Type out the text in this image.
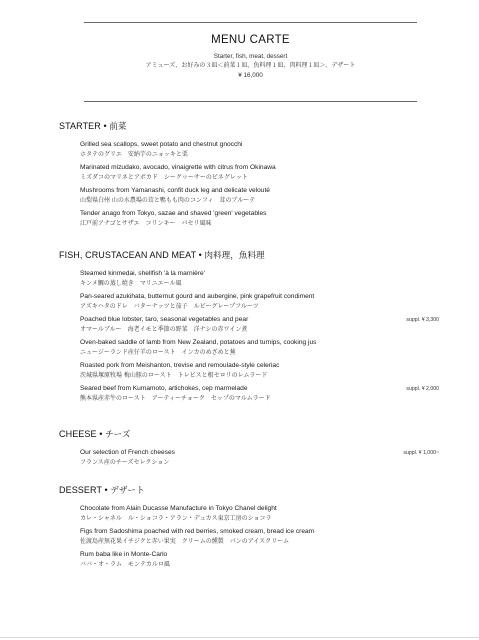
MENU CARTE
Starter, fish, meat, dessert
アミューズ、お好みの３皿＜前菜１皿、魚料理１皿、肉料理１皿＞、デザート
¥ 16,000
STARTER • 前菜
Grilled sea scallops, sweet potato and chestnut gnocchi
ホタテのグリエ　安納芋のニョッキと栗
Marinated mizudako, avocado, vinaigrette with citrus from Okinawa
ミズダコのマリネとアボカド　シークヮーサーのビネグレット
Mushrooms from Yamanashi, confit duck leg and delicate velouté
山梨県白州 山の水農場の茸と鴨もも肉のコンフィ　茸のブルーテ
Tender anago from Tokyo, sazae and shaved 'green' vegetables
江戸前アナゴとサザエ　コリンキー　パセリ風味
FISH, CRUSTACEAN AND MEAT • 肉料理，魚料理
Steamed kinmedai, shellfish 'à la marnière'
キンメ鯛の蒸し焼き　マリニエール風
Pan-seared azukihata, butternut gourd and aubergine, pink grapefruit condiment
アズキハタのドレ　バターナッツと茄子　ルビーグレープフルーツ
Poached blue lobster, taro, seasonal vegetables and pear
オマールブルー　海老イモと季節の野菜　洋ナシの赤ワイン煮
suppl. ¥ 3,300
Oven-baked saddle of lamb from New Zealand, potatoes and turnips, cooking jus
ニュージーランド産仔羊のロースト　インカのめざめと蕪
Roasted pork from Meishanton, trevise and remoulade-style celeriac
茨城県塚原牧場 梅山豚のロースト　トレビスと根セロリのレムラード
Seared beef from Kumamoto, artichokes, cep marmelade
熊本県産赤牛のロースト　アーティーチョーク　セップのマルムラード
suppl. ¥ 2,000
CHEESE • チーズ
Our selection of French cheeses
フランス産のチーズセレクション
suppl. ¥ 1,000~
DESSERT • デザート
Chocolate from Alain Ducasse Manufacture in Tokyo Chanel delight
カレ・シャネル　ル・ショコラ・アラン・デュカス東京工房のショコラ
Figs from Sadoshima poached with red berries, smoked cream, bread ice cream
佐渡島産無花果イチジクと赤い果実　クリームの燻製　パンのアイスクリーム
Rum baba like in Monte-Carlo
ババ・オ・ラム　モンテカルロ風
